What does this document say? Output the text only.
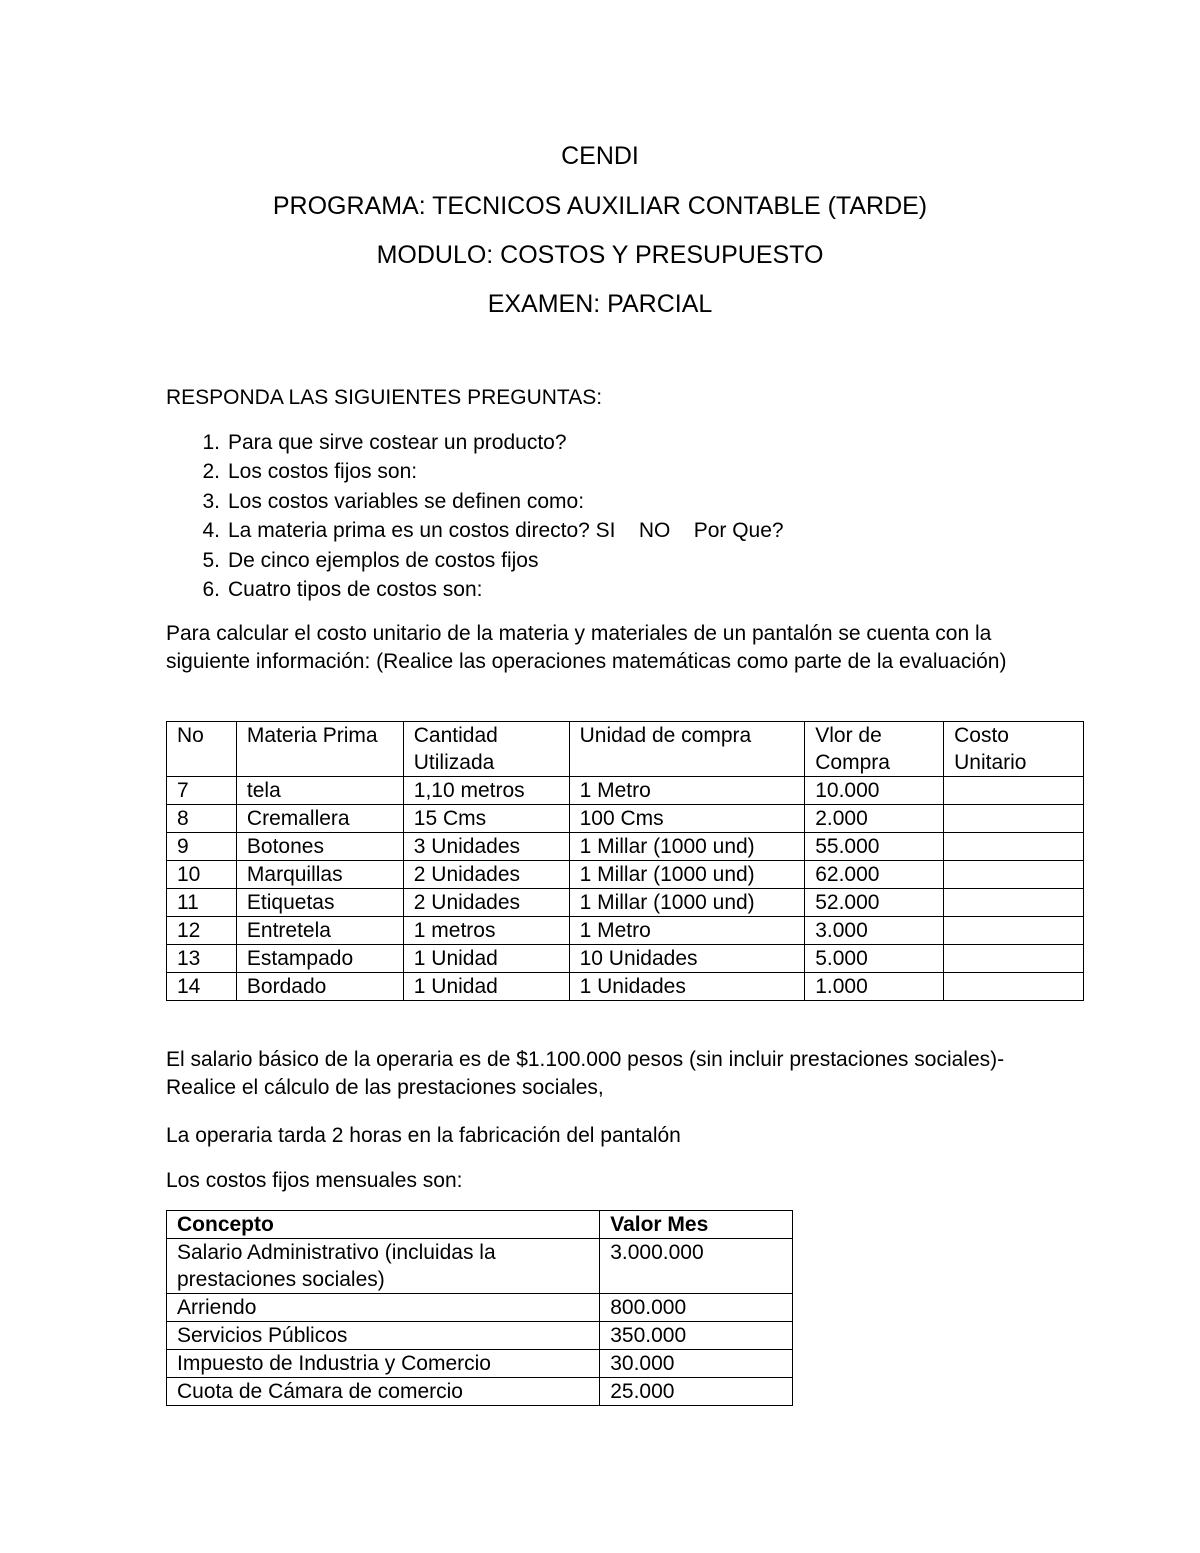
CENDI
PROGRAMA: TECNICOS AUXILIAR CONTABLE (TARDE)
MODULO: COSTOS Y PRESUPUESTO
EXAMEN: PARCIAL
RESPONDA LAS SIGUIENTES PREGUNTAS:
1. Para que sirve costear un producto?
2. Los costos fijos son:
3. Los costos variables se definen como:
4. La materia prima es un costos directo? SI    NO    Por Que?
5. De cinco ejemplos de costos fijos
6. Cuatro tipos de costos son:

Para calcular el costo unitario de la materia y materiales de un pantalón se cuenta con la siguiente información: (Realice las operaciones matemáticas como parte de la evaluación)

No	Materia Prima	Cantidad Utilizada	Unidad de compra	Vlor de Compra	Costo Unitario
7	tela	1,10 metros	1 Metro	10.000	
8	Cremallera	15 Cms	100 Cms	2.000	
9	Botones	3 Unidades	1 Millar (1000 und)	55.000	
10	Marquillas	2 Unidades	1 Millar (1000 und)	62.000	
11	Etiquetas	2 Unidades	1 Millar (1000 und)	52.000	
12	Entretela	1 metros	1 Metro	3.000	
13	Estampado	1 Unidad	10 Unidades	5.000	
14	Bordado	1 Unidad	1 Unidades	1.000	

El salario básico de la operaria es de $1.100.000 pesos (sin incluir prestaciones sociales)- Realice el cálculo de las prestaciones sociales,

La operaria tarda 2 horas en la fabricación del pantalón

Los costos fijos mensuales son:

Concepto	Valor Mes
Salario Administrativo (incluidas la prestaciones sociales)	3.000.000
Arriendo	800.000
Servicios Públicos	350.000
Impuesto de Industria y Comercio	30.000
Cuota de Cámara de comercio	25.000
